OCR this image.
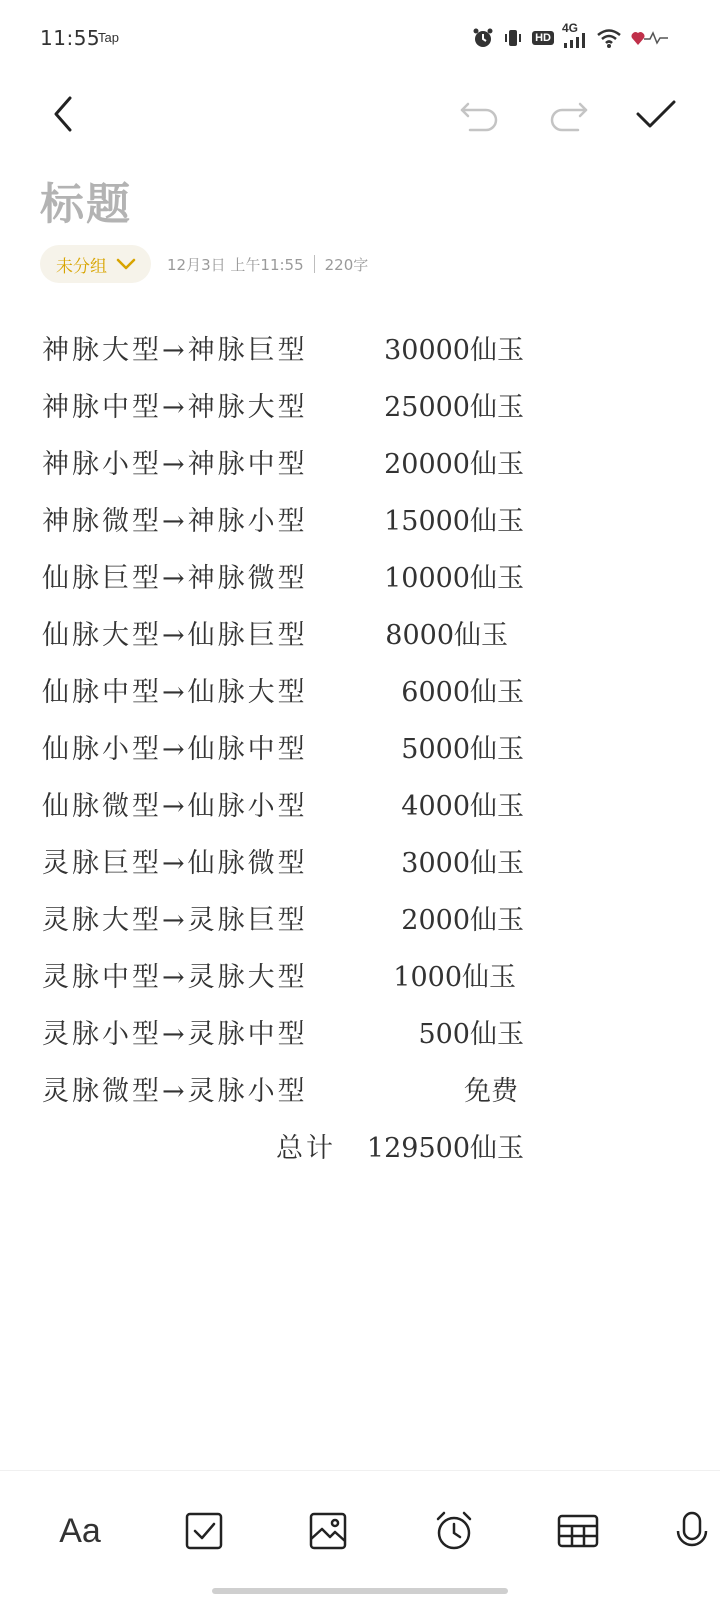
11:55
Tap	HD
4G
标题
未分组	12月3日 上午11:55 220字
神脉大型→神脉巨型	30000仙玉
神脉中型→神脉大型	25000仙玉
神脉小型→神脉中型	20000仙玉
神脉微型→神脉小型	15000仙玉
仙脉巨型→神脉微型	10000仙玉
仙脉大型→仙脉巨型	8000仙玉
仙脉中型→仙脉大型	6000仙玉
仙脉小型→仙脉中型	5000仙玉
仙脉微型→仙脉小型	4000仙玉
灵脉巨型→仙脉微型	3000仙玉
灵脉大型→灵脉巨型	2000仙玉
灵脉中型→灵脉大型	1000仙玉
灵脉小型→灵脉中型	500仙玉
灵脉微型→灵脉小型	免费
总计 129500仙玉
Aa
